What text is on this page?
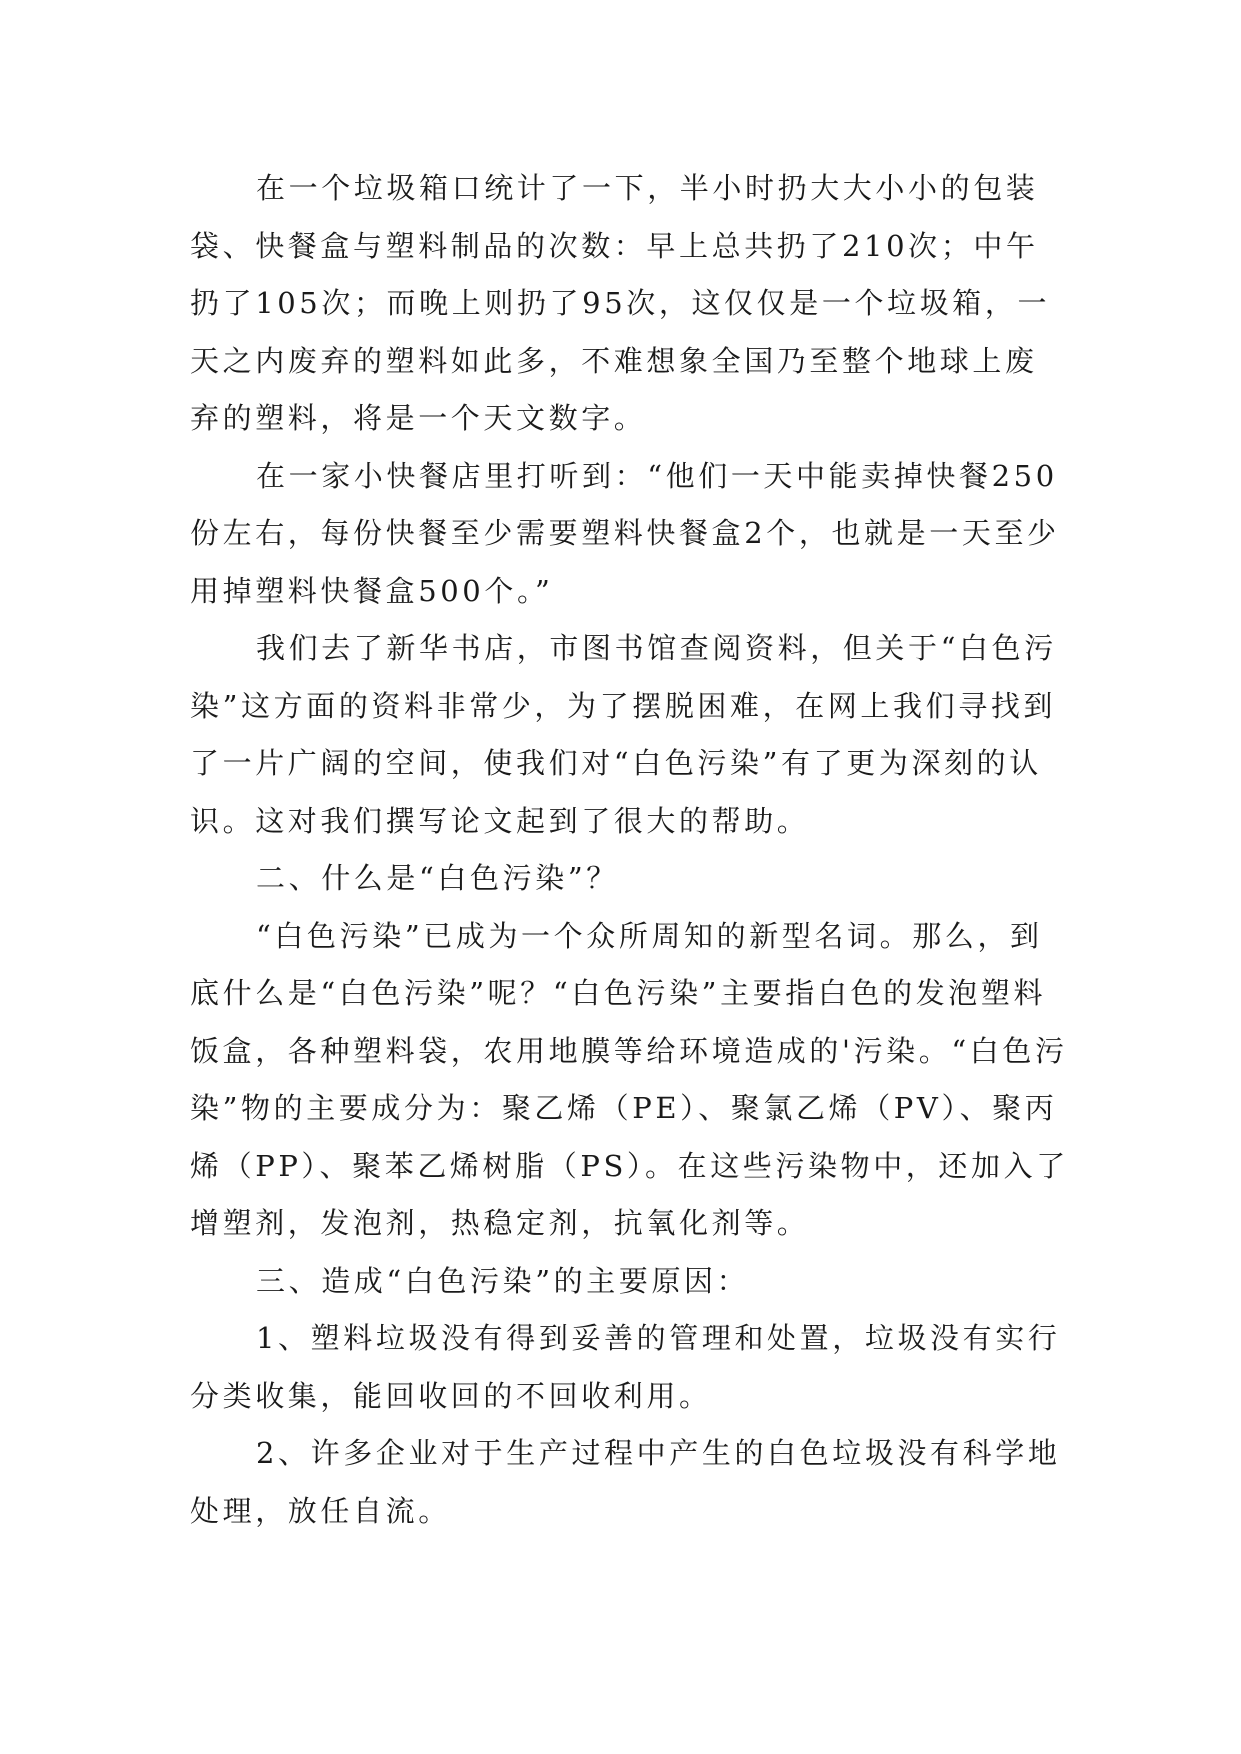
在一个垃圾箱口统计了一下，半小时扔大大小小的包装袋、快餐盒与塑料制品的次数：早上总共扔了210次；中午扔了105次；而晚上则扔了95次，这仅仅是一个垃圾箱，一天之内废弃的塑料如此多，不难想象全国乃至整个地球上废弃的塑料，将是一个天文数字。

在一家小快餐店里打听到：“他们一天中能卖掉快餐250份左右，每份快餐至少需要塑料快餐盒2个，也就是一天至少用掉塑料快餐盒500个。”

我们去了新华书店，市图书馆查阅资料，但关于“白色污染”这方面的资料非常少，为了摆脱困难，在网上我们寻找到了一片广阔的空间，使我们对“白色污染”有了更为深刻的认识。这对我们撰写论文起到了很大的帮助。

二、什么是“白色污染”？

“白色污染”已成为一个众所周知的新型名词。那么，到底什么是“白色污染”呢？“白色污染”主要指白色的发泡塑料饭盒，各种塑料袋，农用地膜等给环境造成的'污染。“白色污染”物的主要成分为：聚乙烯（PE）、聚氯乙烯（PV）、聚丙烯（PP）、聚苯乙烯树脂（PS）。在这些污染物中，还加入了增塑剂，发泡剂，热稳定剂，抗氧化剂等。

三、造成“白色污染”的主要原因：

1、塑料垃圾没有得到妥善的管理和处置，垃圾没有实行分类收集，能回收回的不回收利用。

2、许多企业对于生产过程中产生的白色垃圾没有科学地处理，放任自流。
